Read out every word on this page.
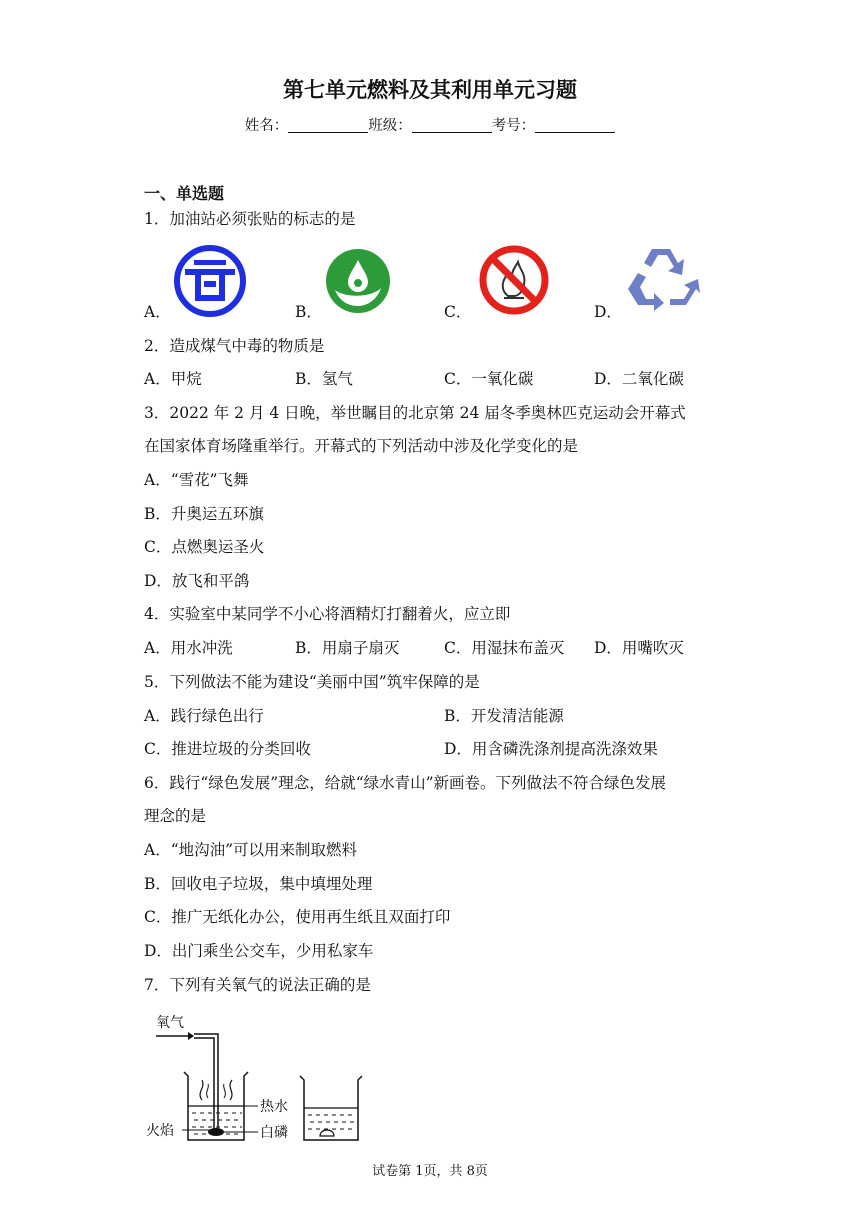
第七单元燃料及其利用单元习题
姓名：	班级：	考号：
一、单选题
1．加油站必须张贴的标志的是
A．	B．	C．	D．
2．造成煤气中毒的物质是
A．甲烷	B．氢气	C．一氧化碳	D．二氧化碳
3．2022 年 2 月 4 日晚，举世瞩目的北京第 24 届冬季奥林匹克运动会开幕式
在国家体育场隆重举行。开幕式的下列活动中涉及化学变化的是
A．“雪花”飞舞
B．升奥运五环旗
C．点燃奥运圣火
D．放飞和平鸽
4．实验室中某同学不小心将酒精灯打翻着火，应立即
A．用水冲洗	B．用扇子扇灭	C．用湿抹布盖灭 D．用嘴吹灭
5．下列做法不能为建设“美丽中国”筑牢保障的是
A．践行绿色出行	B．开发清洁能源
C．推进垃圾的分类回收	D．用含磷洗涤剂提高洗涤效果
6．践行“绿色发展”理念，给就“绿水青山”新画卷。下列做法不符合绿色发展
理念的是
A．“地沟油”可以用来制取燃料
B．回收电子垃圾，集中填埋处理
C．推广无纸化办公，使用再生纸且双面打印
D．出门乘坐公交车，少用私家车
7．下列有关氧气的说法正确的是
氧气
火焰
热水
白磷
试卷第 1页，共 8页
